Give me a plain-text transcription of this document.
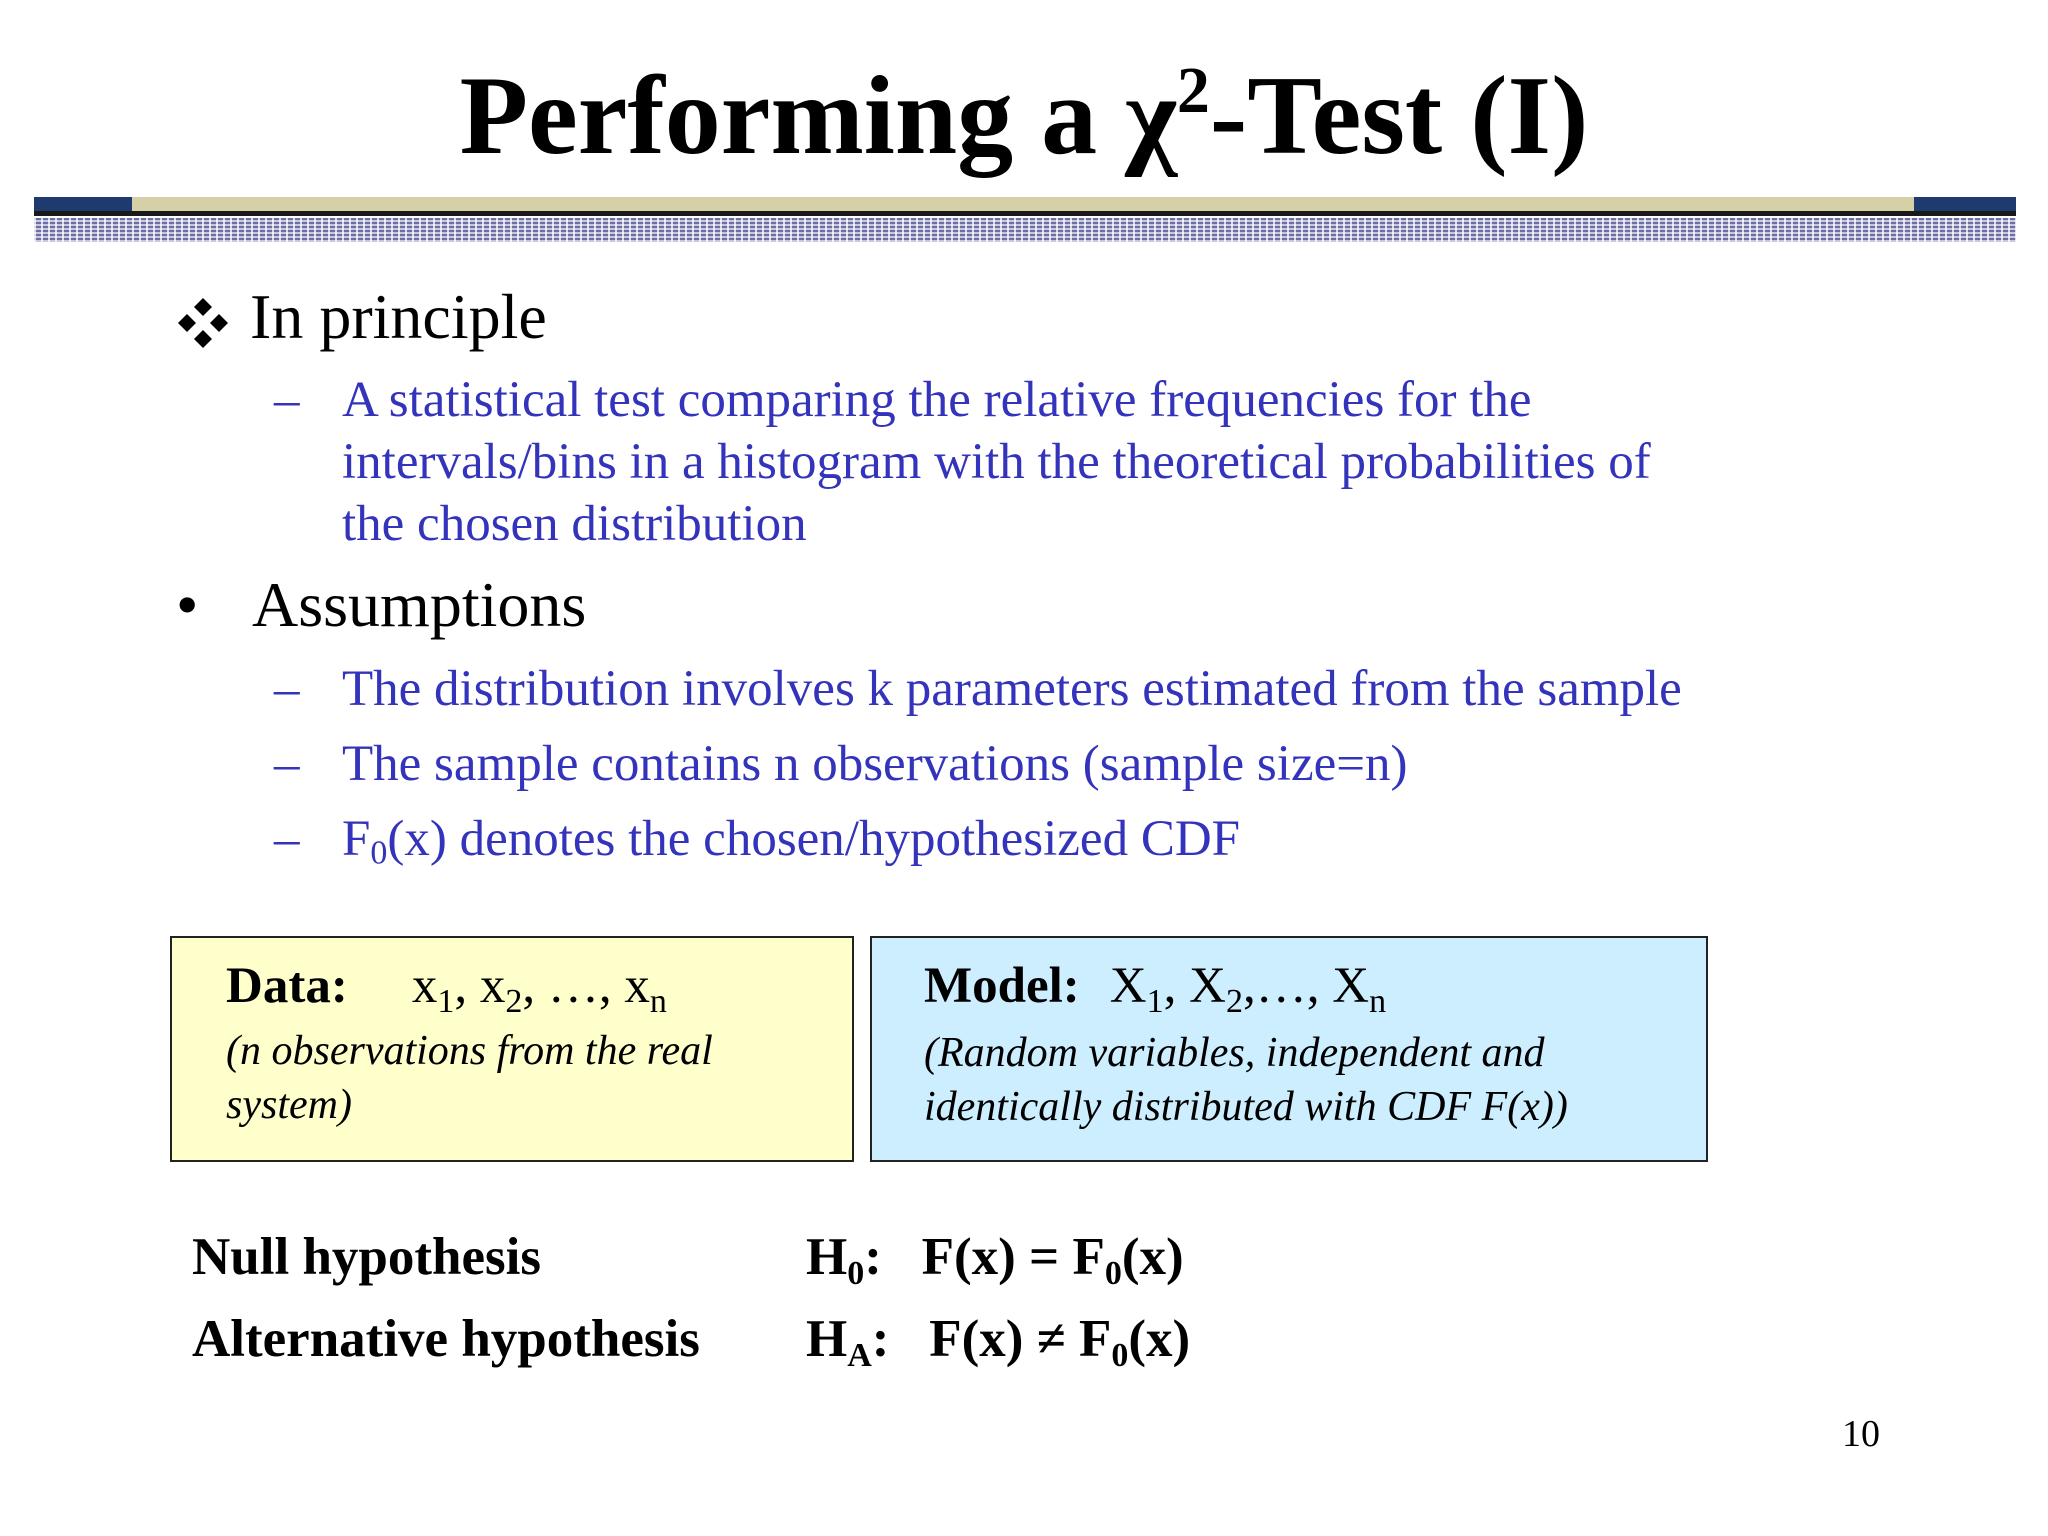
Performing a $\chi^2$-Test (I)
In principle
– A statistical test comparing the relative frequencies for the
intervals/bins in a histogram with the theoretical probabilities of
the chosen distribution
• Assumptions
– The distribution involves k parameters estimated from the sample
– The sample contains n observations (sample size=n)
– $F_0(x)$ denotes the chosen/hypothesized CDF
Data: $x_1$, $x_2$, …, $x_n$
(n observations from the real
system)
Model: $X_1$, $X_2,\dots$, $X_n$
(Random variables, independent and
identically distributed with CDF F(x))
Null hypothesis	$H_0$:   $F(x) = F_0(x)$
Alternative hypothesis $H_A$:   $F(x) \ne F_0(x)$
10
